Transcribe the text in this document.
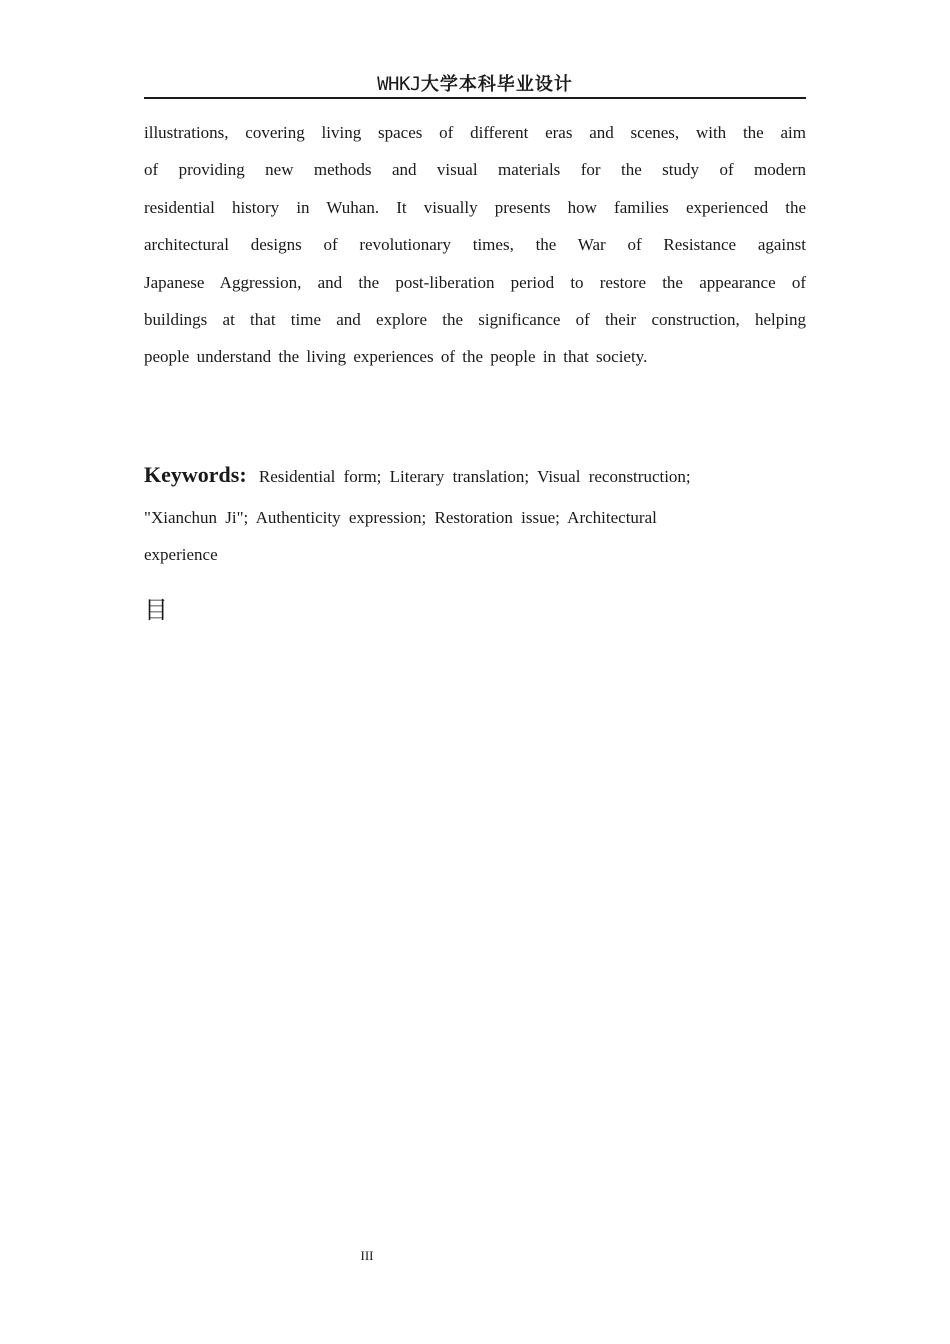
WHKJ大学本科毕业设计
illustrations, covering living spaces of different eras and scenes, with the aim
of providing new methods and visual materials for the study of modern
residential history in Wuhan. It visually presents how families experienced the
architectural designs of revolutionary times, the War of Resistance against
Japanese Aggression, and the post-liberation period to restore the appearance of
buildings at that time and explore the significance of their construction, helping
people understand the living experiences of the people in that society.
Keywords: Residential form; Literary translation; Visual reconstruction;
"Xianchun Ji"; Authenticity expression; Restoration issue; Architectural
experience
目
III
